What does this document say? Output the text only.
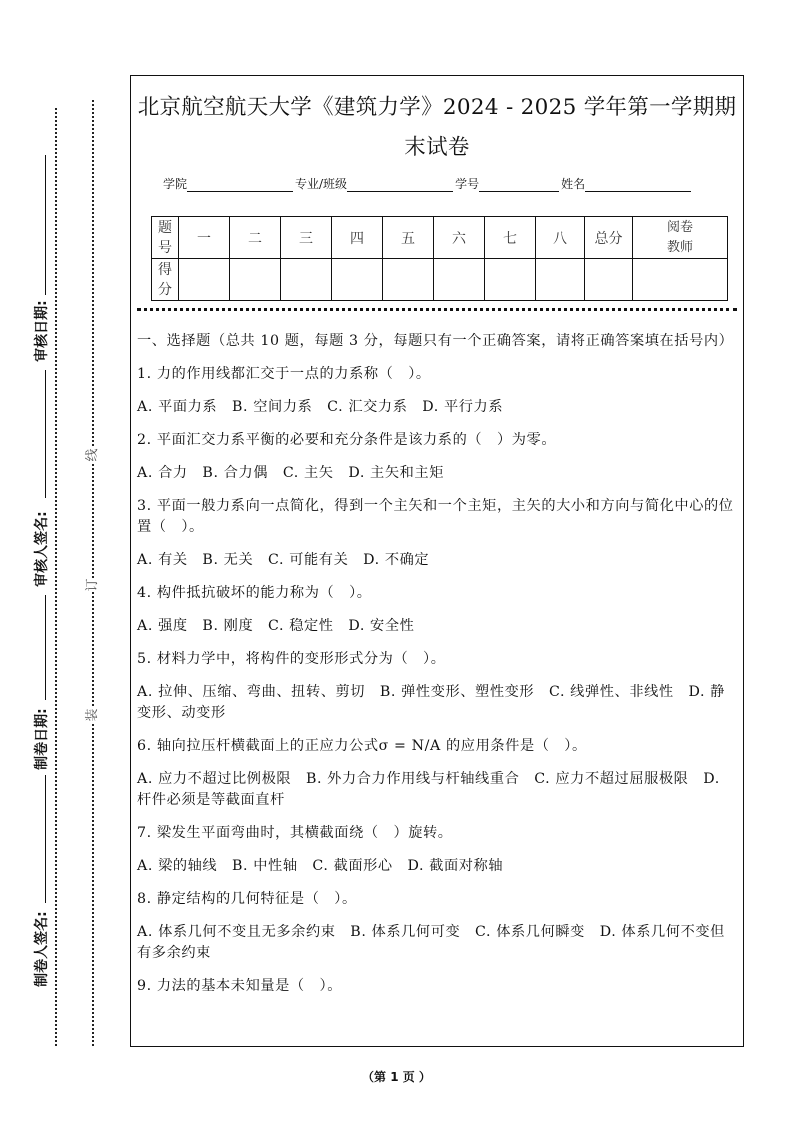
审核日期:
审核人签名:
制卷日期:
制卷人签名:
线
订
装
北京航空航天大学《建筑力学》2024 - 2025 学年第一学期期末试卷
学院	专业/班级	学号	姓名
题号	一	二	三	四	五	六	七	八	总分	阅卷教师
得分										

一、选择题（总共 10 题，每题 3 分，每题只有一个正确答案，请将正确答案填在括号内）

1. 力的作用线都汇交于一点的力系称（　）。

A. 平面力系　B. 空间力系　C. 汇交力系　D. 平行力系

2. 平面汇交力系平衡的必要和充分条件是该力系的（　）为零。

A. 合力　B. 合力偶　C. 主矢　D. 主矢和主矩

3. 平面一般力系向一点简化，得到一个主矢和一个主矩，主矢的大小和方向与简化中心的位置（　）。

A. 有关　B. 无关　C. 可能有关　D. 不确定

4. 构件抵抗破坏的能力称为（　）。

A. 强度　B. 刚度　C. 稳定性　D. 安全性

5. 材料力学中，将构件的变形形式分为（　）。

A. 拉伸、压缩、弯曲、扭转、剪切　B. 弹性变形、塑性变形　C. 线弹性、非线性　D. 静变形、动变形

6. 轴向拉压杆横截面上的正应力公式σ = N/A 的应用条件是（　）。

A. 应力不超过比例极限　B. 外力合力作用线与杆轴线重合　C. 应力不超过屈服极限　D. 杆件必须是等截面直杆

7. 梁发生平面弯曲时，其横截面绕（　）旋转。

A. 梁的轴线　B. 中性轴　C. 截面形心　D. 截面对称轴

8. 静定结构的几何特征是（　）。

A. 体系几何不变且无多余约束　B. 体系几何可变　C. 体系几何瞬变　D. 体系几何不变但有多余约束

9. 力法的基本未知量是（　）。

（第 1 页 ）
